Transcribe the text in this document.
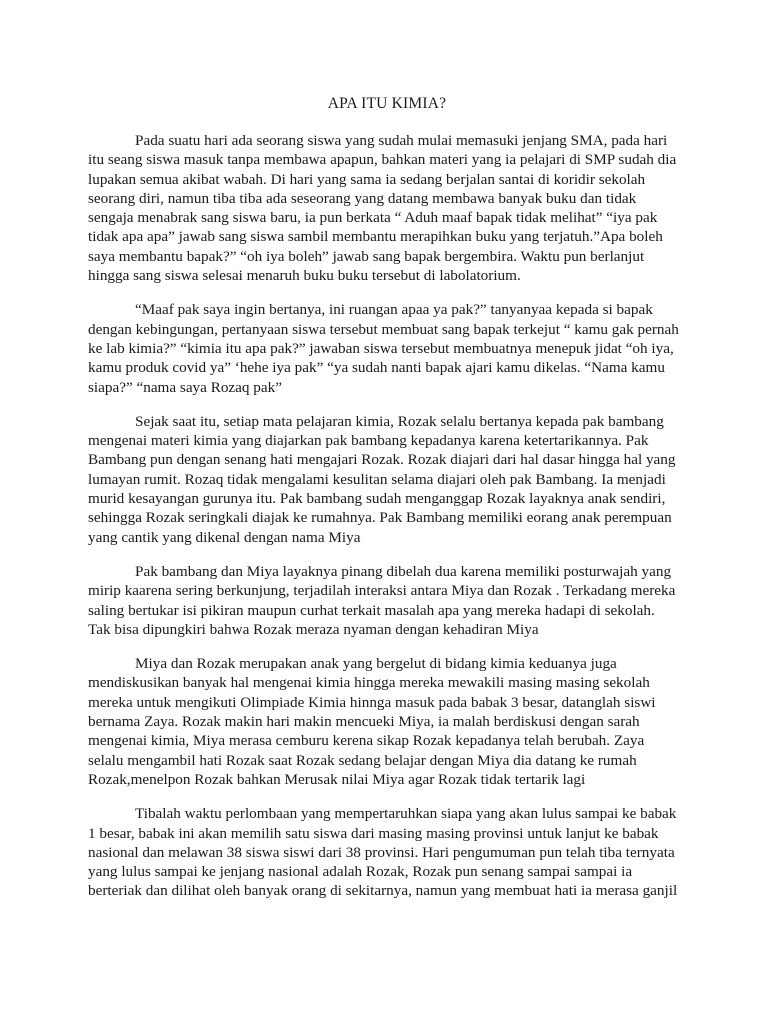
APA ITU KIMIA?
Pada suatu hari ada seorang siswa yang sudah mulai memasuki jenjang SMA, pada hari
itu seang siswa masuk tanpa membawa apapun, bahkan materi yang ia pelajari di SMP sudah dia
lupakan semua akibat wabah. Di hari yang sama ia sedang berjalan santai di koridir sekolah
seorang diri, namun tiba tiba ada seseorang yang datang membawa banyak buku dan tidak
sengaja menabrak sang siswa baru, ia pun berkata “ Aduh maaf bapak tidak melihat” “iya pak
tidak apa apa” jawab sang siswa sambil membantu merapihkan buku yang terjatuh.”Apa boleh
saya membantu bapak?” “oh iya boleh” jawab sang bapak bergembira. Waktu pun berlanjut
hingga sang siswa selesai menaruh buku buku tersebut di labolatorium.
“Maaf pak saya ingin bertanya, ini ruangan apaa ya pak?” tanyanyaa kepada si bapak
dengan kebingungan, pertanyaan siswa tersebut membuat sang bapak terkejut “ kamu gak pernah
ke lab kimia?” “kimia itu apa pak?” jawaban siswa tersebut membuatnya menepuk jidat “oh iya,
kamu produk covid ya” ‘hehe iya pak” “ya sudah nanti bapak ajari kamu dikelas. “Nama kamu
siapa?” “nama saya Rozaq pak”
Sejak saat itu, setiap mata pelajaran kimia, Rozak selalu bertanya kepada pak bambang
mengenai materi kimia yang diajarkan pak bambang kepadanya karena ketertarikannya. Pak
Bambang pun dengan senang hati mengajari Rozak. Rozak diajari dari hal dasar hingga hal yang
lumayan rumit. Rozaq tidak mengalami kesulitan selama diajari oleh pak Bambang. Ia menjadi
murid kesayangan gurunya itu. Pak bambang sudah menganggap Rozak layaknya anak sendiri,
sehingga Rozak seringkali diajak ke rumahnya. Pak Bambang memiliki eorang anak perempuan
yang cantik yang dikenal dengan nama Miya
Pak bambang dan Miya layaknya pinang dibelah dua karena memiliki posturwajah yang
mirip kaarena sering berkunjung, terjadilah interaksi antara Miya dan Rozak . Terkadang mereka
saling bertukar isi pikiran maupun curhat terkait masalah apa yang mereka hadapi di sekolah.
Tak bisa dipungkiri bahwa Rozak meraza nyaman dengan kehadiran Miya
Miya dan Rozak merupakan anak yang bergelut di bidang kimia keduanya juga
mendiskusikan banyak hal mengenai kimia hingga mereka mewakili masing masing sekolah
mereka untuk mengikuti Olimpiade Kimia hinnga masuk pada babak 3 besar, datanglah siswi
bernama Zaya. Rozak makin hari makin mencueki Miya, ia malah berdiskusi dengan sarah
mengenai kimia, Miya merasa cemburu kerena sikap Rozak kepadanya telah berubah. Zaya
selalu mengambil hati Rozak saat Rozak sedang belajar dengan Miya dia datang ke rumah
Rozak,menelpon Rozak bahkan Merusak nilai Miya agar Rozak tidak tertarik lagi
Tibalah waktu perlombaan yang mempertaruhkan siapa yang akan lulus sampai ke babak
1 besar, babak ini akan memilih satu siswa dari masing masing provinsi untuk lanjut ke babak
nasional dan melawan 38 siswa siswi dari 38 provinsi. Hari pengumuman pun telah tiba ternyata
yang lulus sampai ke jenjang nasional adalah Rozak, Rozak pun senang sampai sampai ia
berteriak dan dilihat oleh banyak orang di sekitarnya, namun yang membuat hati ia merasa ganjil
